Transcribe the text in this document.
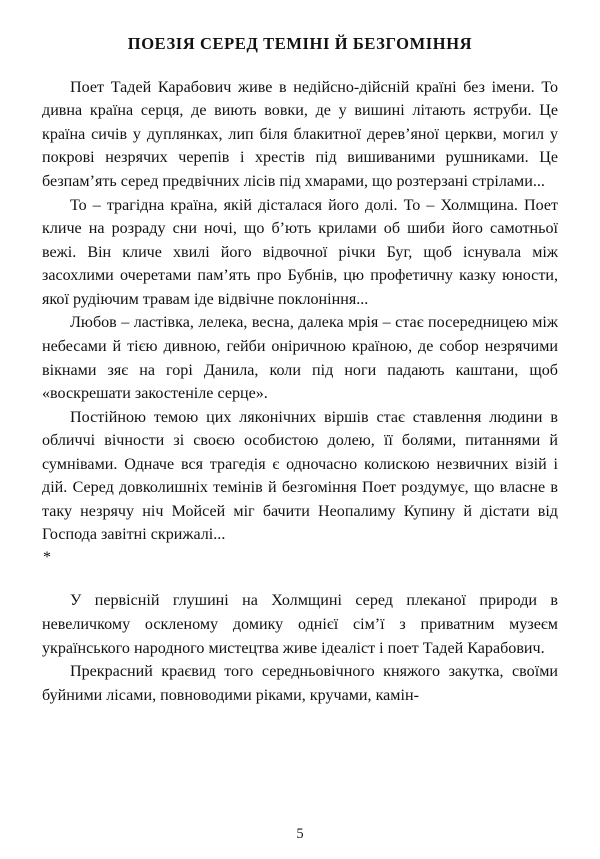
ПОЕЗІЯ СЕРЕД ТЕМІНІ Й БЕЗГОМІННЯ

Поет Тадей Карабович живе в недійсно-дійсній країні без імени. То дивна країна серця, де виють вовки, де у вишині літають яструби. Це країна сичів у дуплянках, лип біля блакитної дерев’яної церкви, могил у покрові незрячих черепів і хрестів під вишиваними рушниками. Це безпам’ять серед предвічних лісів під хмарами, що розтерзані стрілами...

То – трагідна країна, якій дісталася його долі. То – Холмщина. Поет кличе на розраду сни ночі, що б’ють крилами об шиби його самотньої вежі. Він кличе хвилі його відвочної річки Буг, щоб існувала між засохлими очеретами пам’ять про Бубнів, цю профетичну казку юности, якої рудіючим травам іде відвічне поклоніння...

Любов – ластівка, лелека, весна, далека мрія – стає посередницею між небесами й тією дивною, гейби оніричною країною, де собор незрячими вікнами зяє на горі Данила, коли під ноги падають каштани, щоб «воскрешати закостеніле серце».

Постійною темою цих ляконічних віршів стає ставлення людини в обличчі вічности зі своєю особистою долею, її болями, питаннями й сумнівами. Одначе вся трагедія є одночасно колискою незвичних візій і дій. Серед довколишніх темінів й безгоміння Поет роздумує, що власне в таку незрячу ніч Мойсей міг бачити Неопалиму Купину й дістати від Господа завітні скрижалі...

*

У первісній глушині на Холмщині серед плеканої природи в невеличкому оскленому домику однієї сім’ї з приватним музеєм українського народного мистецтва живе ідеаліст і поет Тадей Карабович.

Прекрасний краєвид того середньовічного княжого закутка, своїми буйними лісами, повноводими ріками, кручами, камін-

5
